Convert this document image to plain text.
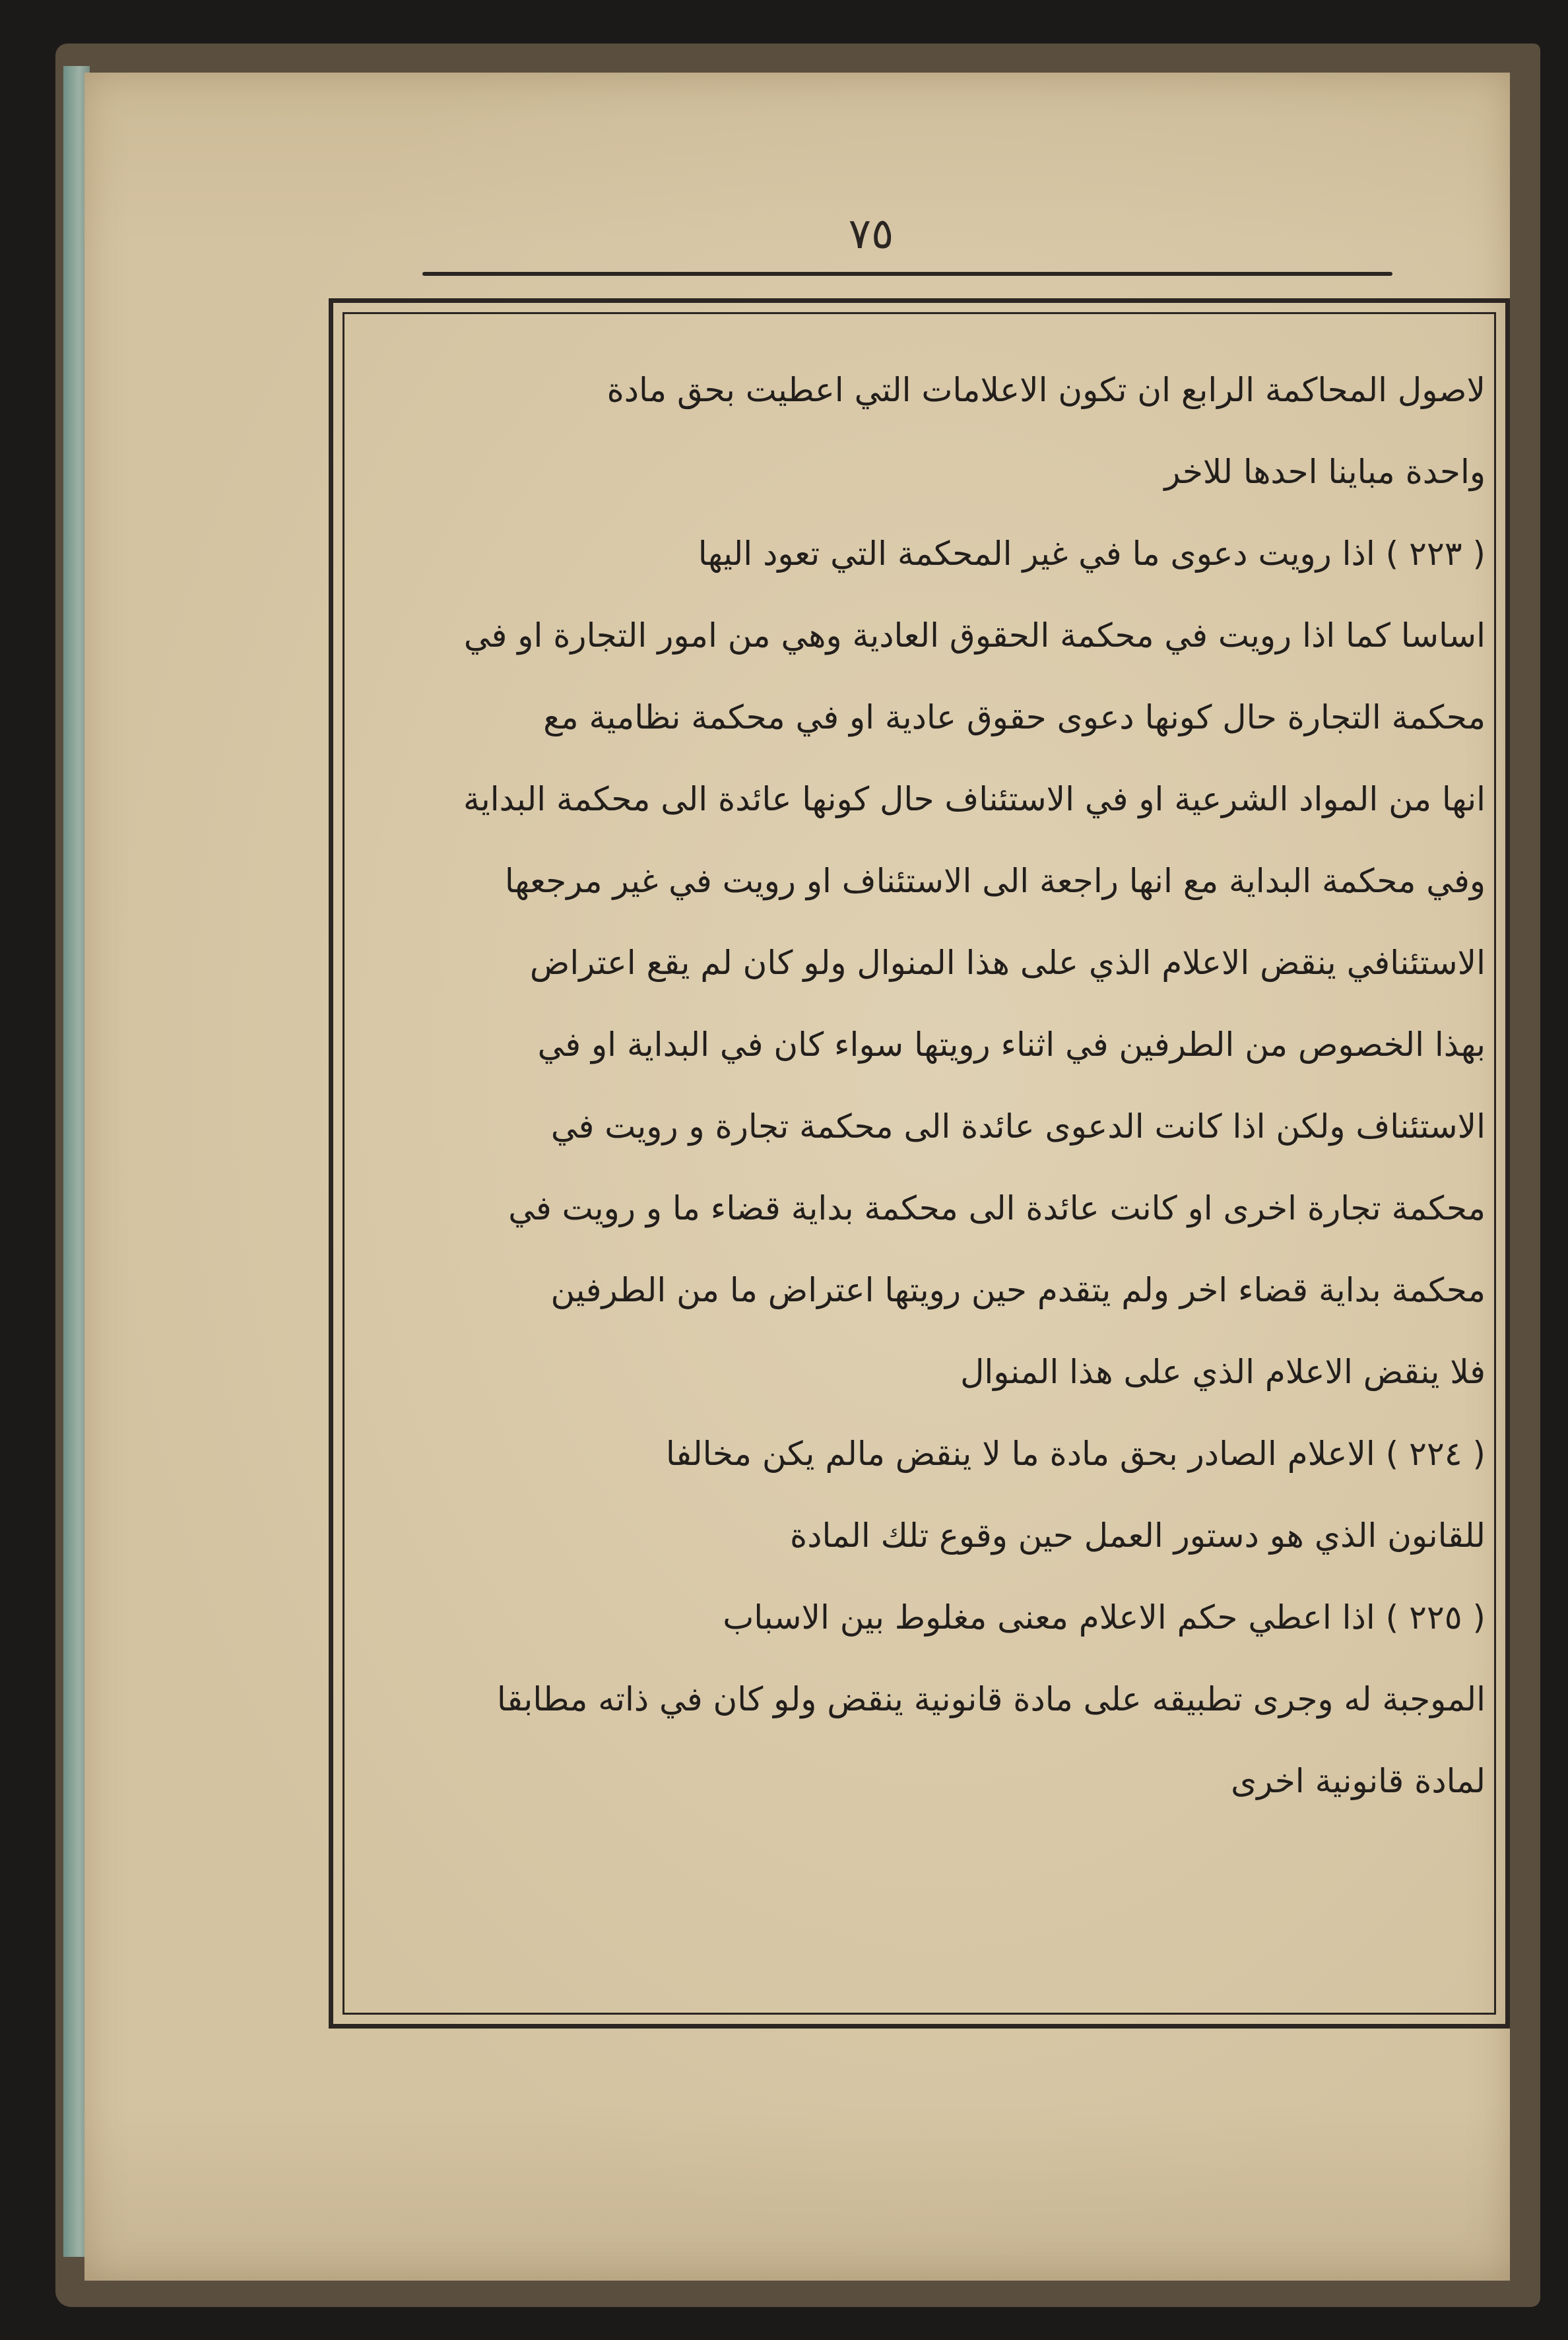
٧٥
لاصول المحاكمة الرابع ان تكون الاعلامات التي اعطيت بحق مادة
واحدة مباينا احدها للاخر
( ٢٢٣ ) اذا رويت دعوى ما في غير المحكمة التي تعود اليها
اساسا كما اذا رويت في محكمة الحقوق العادية وهي من امور التجارة او في
محكمة التجارة حال كونها دعوى حقوق عادية او في محكمة نظامية مع
انها من المواد الشرعية او في الاستئناف حال كونها عائدة الى محكمة البداية
وفي محكمة البداية مع انها راجعة الى الاستئناف او رويت في غير مرجعها
الاستئنافي ينقض الاعلام الذي على هذا المنوال ولو كان لم يقع اعتراض
بهذا الخصوص من الطرفين في اثناء رويتها سواء كان في البداية او في
الاستئناف ولكن اذا كانت الدعوى عائدة الى محكمة تجارة و رويت في
محكمة تجارة اخرى او كانت عائدة الى محكمة بداية قضاء ما و رويت في
محكمة بداية قضاء اخر ولم يتقدم حين رويتها اعتراض ما من الطرفين
فلا ينقض الاعلام الذي على هذا المنوال
( ٢٢٤ ) الاعلام الصادر بحق مادة ما لا ينقض مالم يكن مخالفا
للقانون الذي هو دستور العمل حين وقوع تلك المادة
( ٢٢٥ ) اذا اعطي حكم الاعلام معنى مغلوط بين الاسباب
الموجبة له وجرى تطبيقه على مادة قانونية ينقض ولو كان في ذاته مطابقا
لمادة قانونية اخرى
